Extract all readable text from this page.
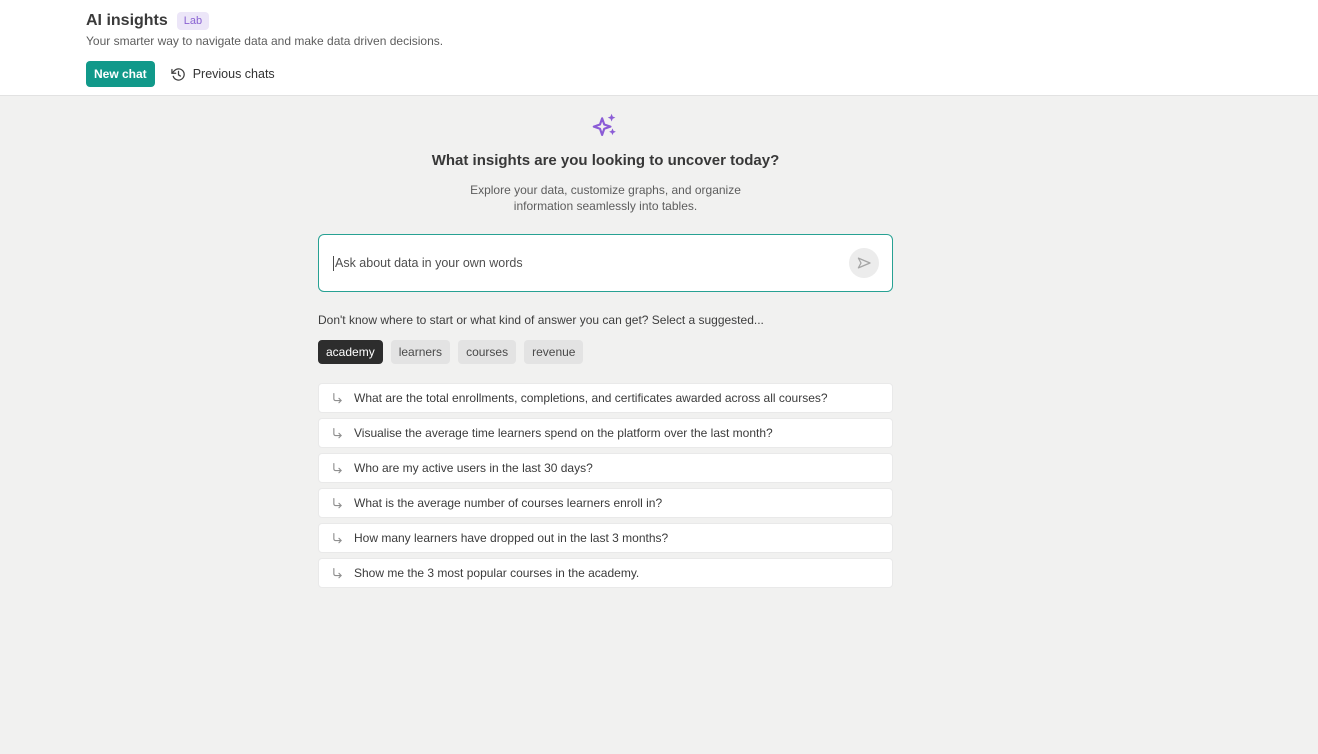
AI insights	Lab

Your smarter way to navigate data and make data driven decisions.

New chat	Previous chats
What insights are you looking to uncover today?
Explore your data, customize graphs, and organize
information seamlessly into tables.
Ask about data in your own words

Don't know where to start or what kind of answer you can get? Select a suggested...

academy	learners	courses	revenue
What are the total enrollments, completions, and certificates awarded across all courses?
Visualise the average time learners spend on the platform over the last month?
Who are my active users in the last 30 days?
What is the average number of courses learners enroll in?
How many learners have dropped out in the last 3 months?
Show me the 3 most popular courses in the academy.
